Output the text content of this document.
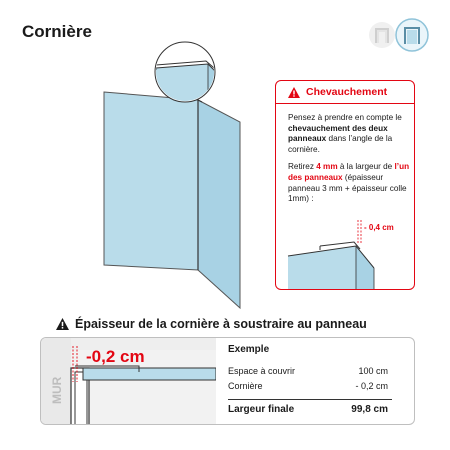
Cornière
Chevauchement
Pensez à prendre en compte le chevauchement des deux panneaux dans l’angle de la cornière.
Retirez 4 mm à la largeur de l’un des panneaux (épaisseur panneau 3 mm + épaisseur colle 1mm) :
- 0,4 cm
Épaisseur de la cornière à soustraire au panneau
MUR
-0,2 cm	Exemple
Espace à couvrir	100 cm
Cornière	- 0,2 cm
Largeur finale	99,8 cm
